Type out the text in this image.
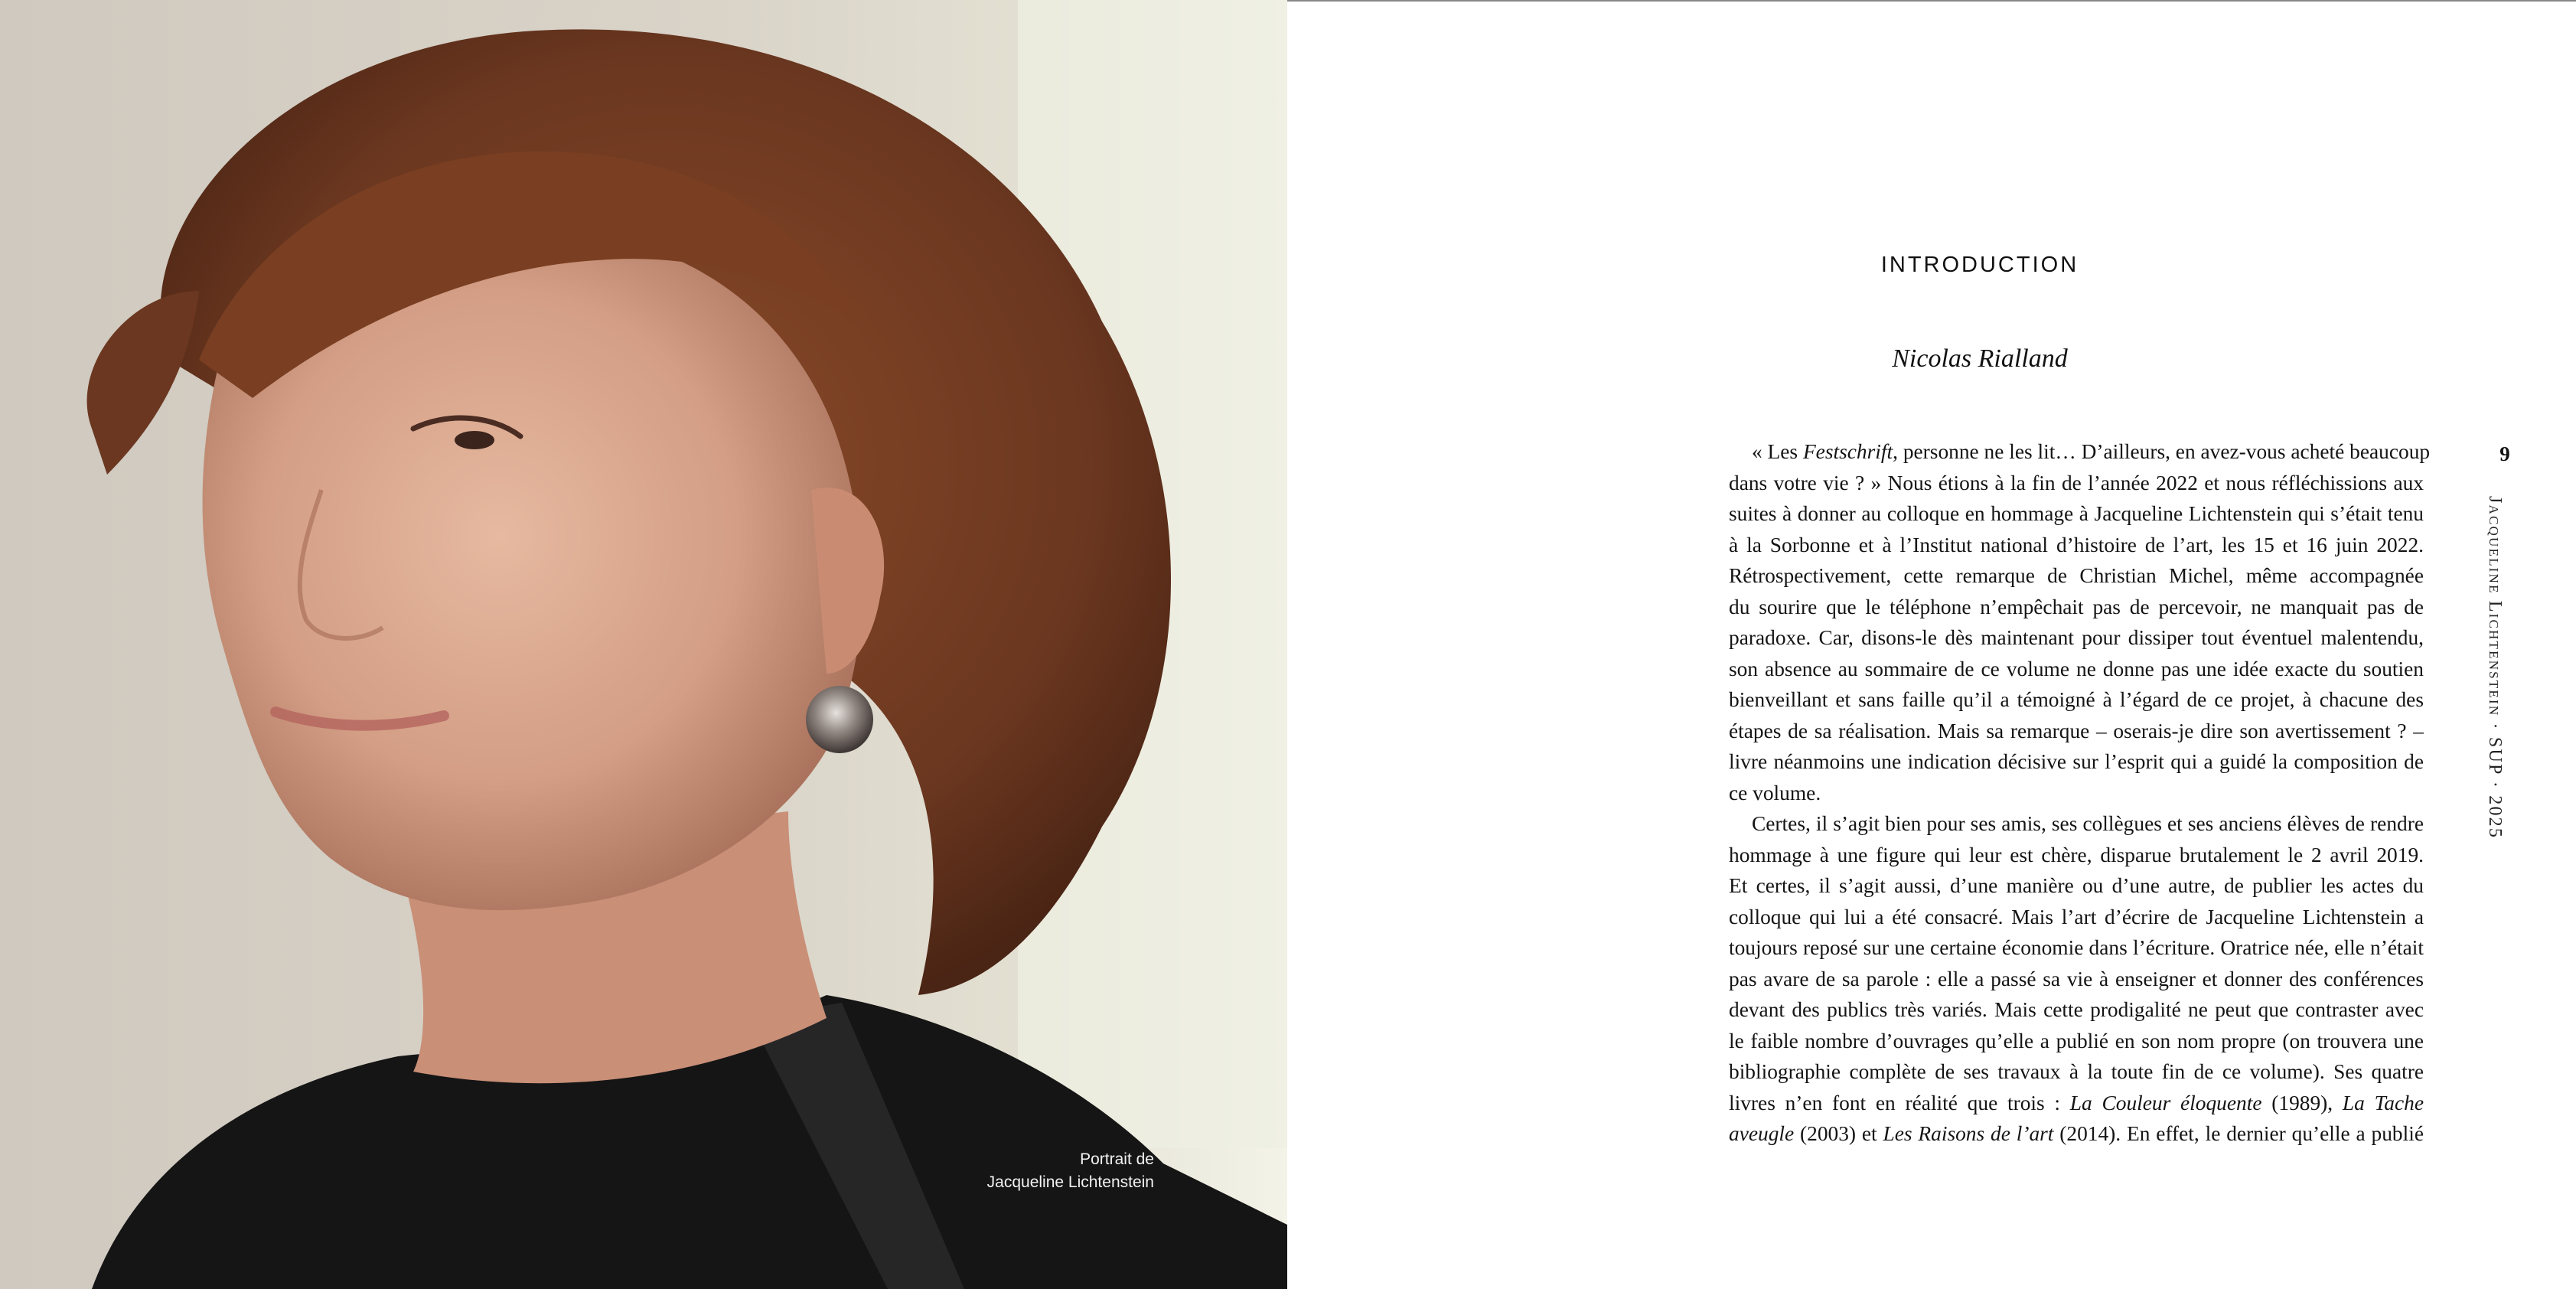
Portrait de
Jacqueline Lichtenstein
INTRODUCTION
Nicolas Rialland
« Les Festschrift, personne ne les lit… D’ailleurs, en avez-vous acheté beaucoup
dans votre vie ? » Nous étions à la fin de l’année 2022 et nous réfléchissions aux
suites à donner au colloque en hommage à Jacqueline Lichtenstein qui s’était tenu
à la Sorbonne et à l’Institut national d’histoire de l’art, les 15 et 16 juin 2022.
Rétrospectivement, cette remarque de Christian Michel, même accompagnée
du sourire que le téléphone n’empêchait pas de percevoir, ne manquait pas de
paradoxe. Car, disons-le dès maintenant pour dissiper tout éventuel malentendu,
son absence au sommaire de ce volume ne donne pas une idée exacte du soutien
bienveillant et sans faille qu’il a témoigné à l’égard de ce projet, à chacune des
étapes de sa réalisation. Mais sa remarque – oserais-je dire son avertissement ? –
livre néanmoins une indication décisive sur l’esprit qui a guidé la composition de
ce volume.
Certes, il s’agit bien pour ses amis, ses collègues et ses anciens élèves de rendre
hommage à une figure qui leur est chère, disparue brutalement le 2 avril 2019.
Et certes, il s’agit aussi, d’une manière ou d’une autre, de publier les actes du
colloque qui lui a été consacré. Mais l’art d’écrire de Jacqueline Lichtenstein a
toujours reposé sur une certaine économie dans l’écriture. Oratrice née, elle n’était
pas avare de sa parole : elle a passé sa vie à enseigner et donner des conférences
devant des publics très variés. Mais cette prodigalité ne peut que contraster avec
le faible nombre d’ouvrages qu’elle a publié en son nom propre (on trouvera une
bibliographie complète de ses travaux à la toute fin de ce volume). Ses quatre
livres n’en font en réalité que trois : La Couleur éloquente (1989), La Tache
aveugle (2003) et Les Raisons de l’art (2014). En effet, le dernier qu’elle a publié
9
Jacqueline Lichtenstein · SUP · 2025
